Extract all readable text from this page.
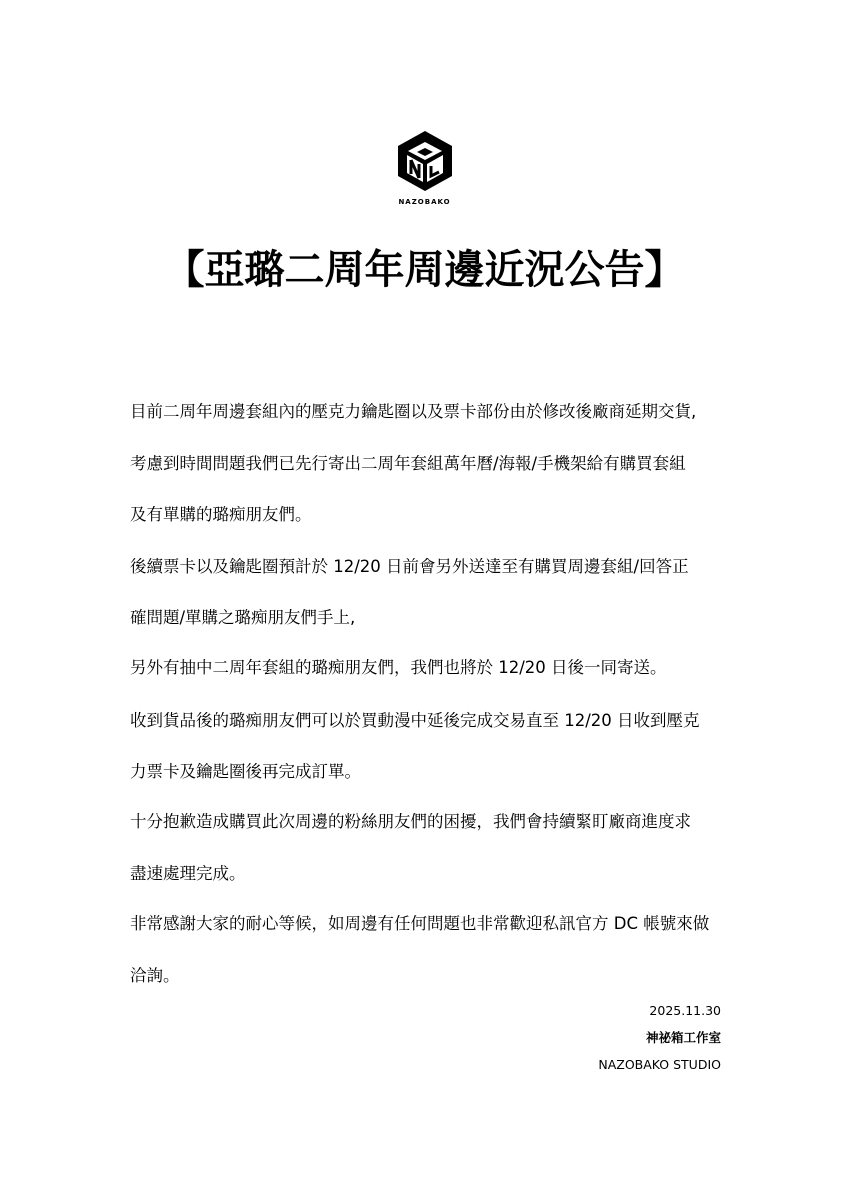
NAZOBAKO
【亞璐二周年周邊近況公告】
目前二周年周邊套組內的壓克力鑰匙圈以及票卡部份由於修改後廠商延期交貨,
考慮到時間問題我們已先行寄出二周年套組萬年曆/海報/手機架給有購買套組
及有單購的璐痴朋友們。
後續票卡以及鑰匙圈預計於 12/20 日前會另外送達至有購買周邊套組/回答正
確問題/單購之璐痴朋友們手上,
另外有抽中二周年套組的璐痴朋友們，我們也將於 12/20 日後一同寄送。
收到貨品後的璐痴朋友們可以於買動漫中延後完成交易直至 12/20 日收到壓克
力票卡及鑰匙圈後再完成訂單。
十分抱歉造成購買此次周邊的粉絲朋友們的困擾，我們會持續緊盯廠商進度求
盡速處理完成。
非常感謝大家的耐心等候，如周邊有任何問題也非常歡迎私訊官方 DC 帳號來做
洽詢。
2025.11.30
神祕箱工作室
NAZOBAKO STUDIO
